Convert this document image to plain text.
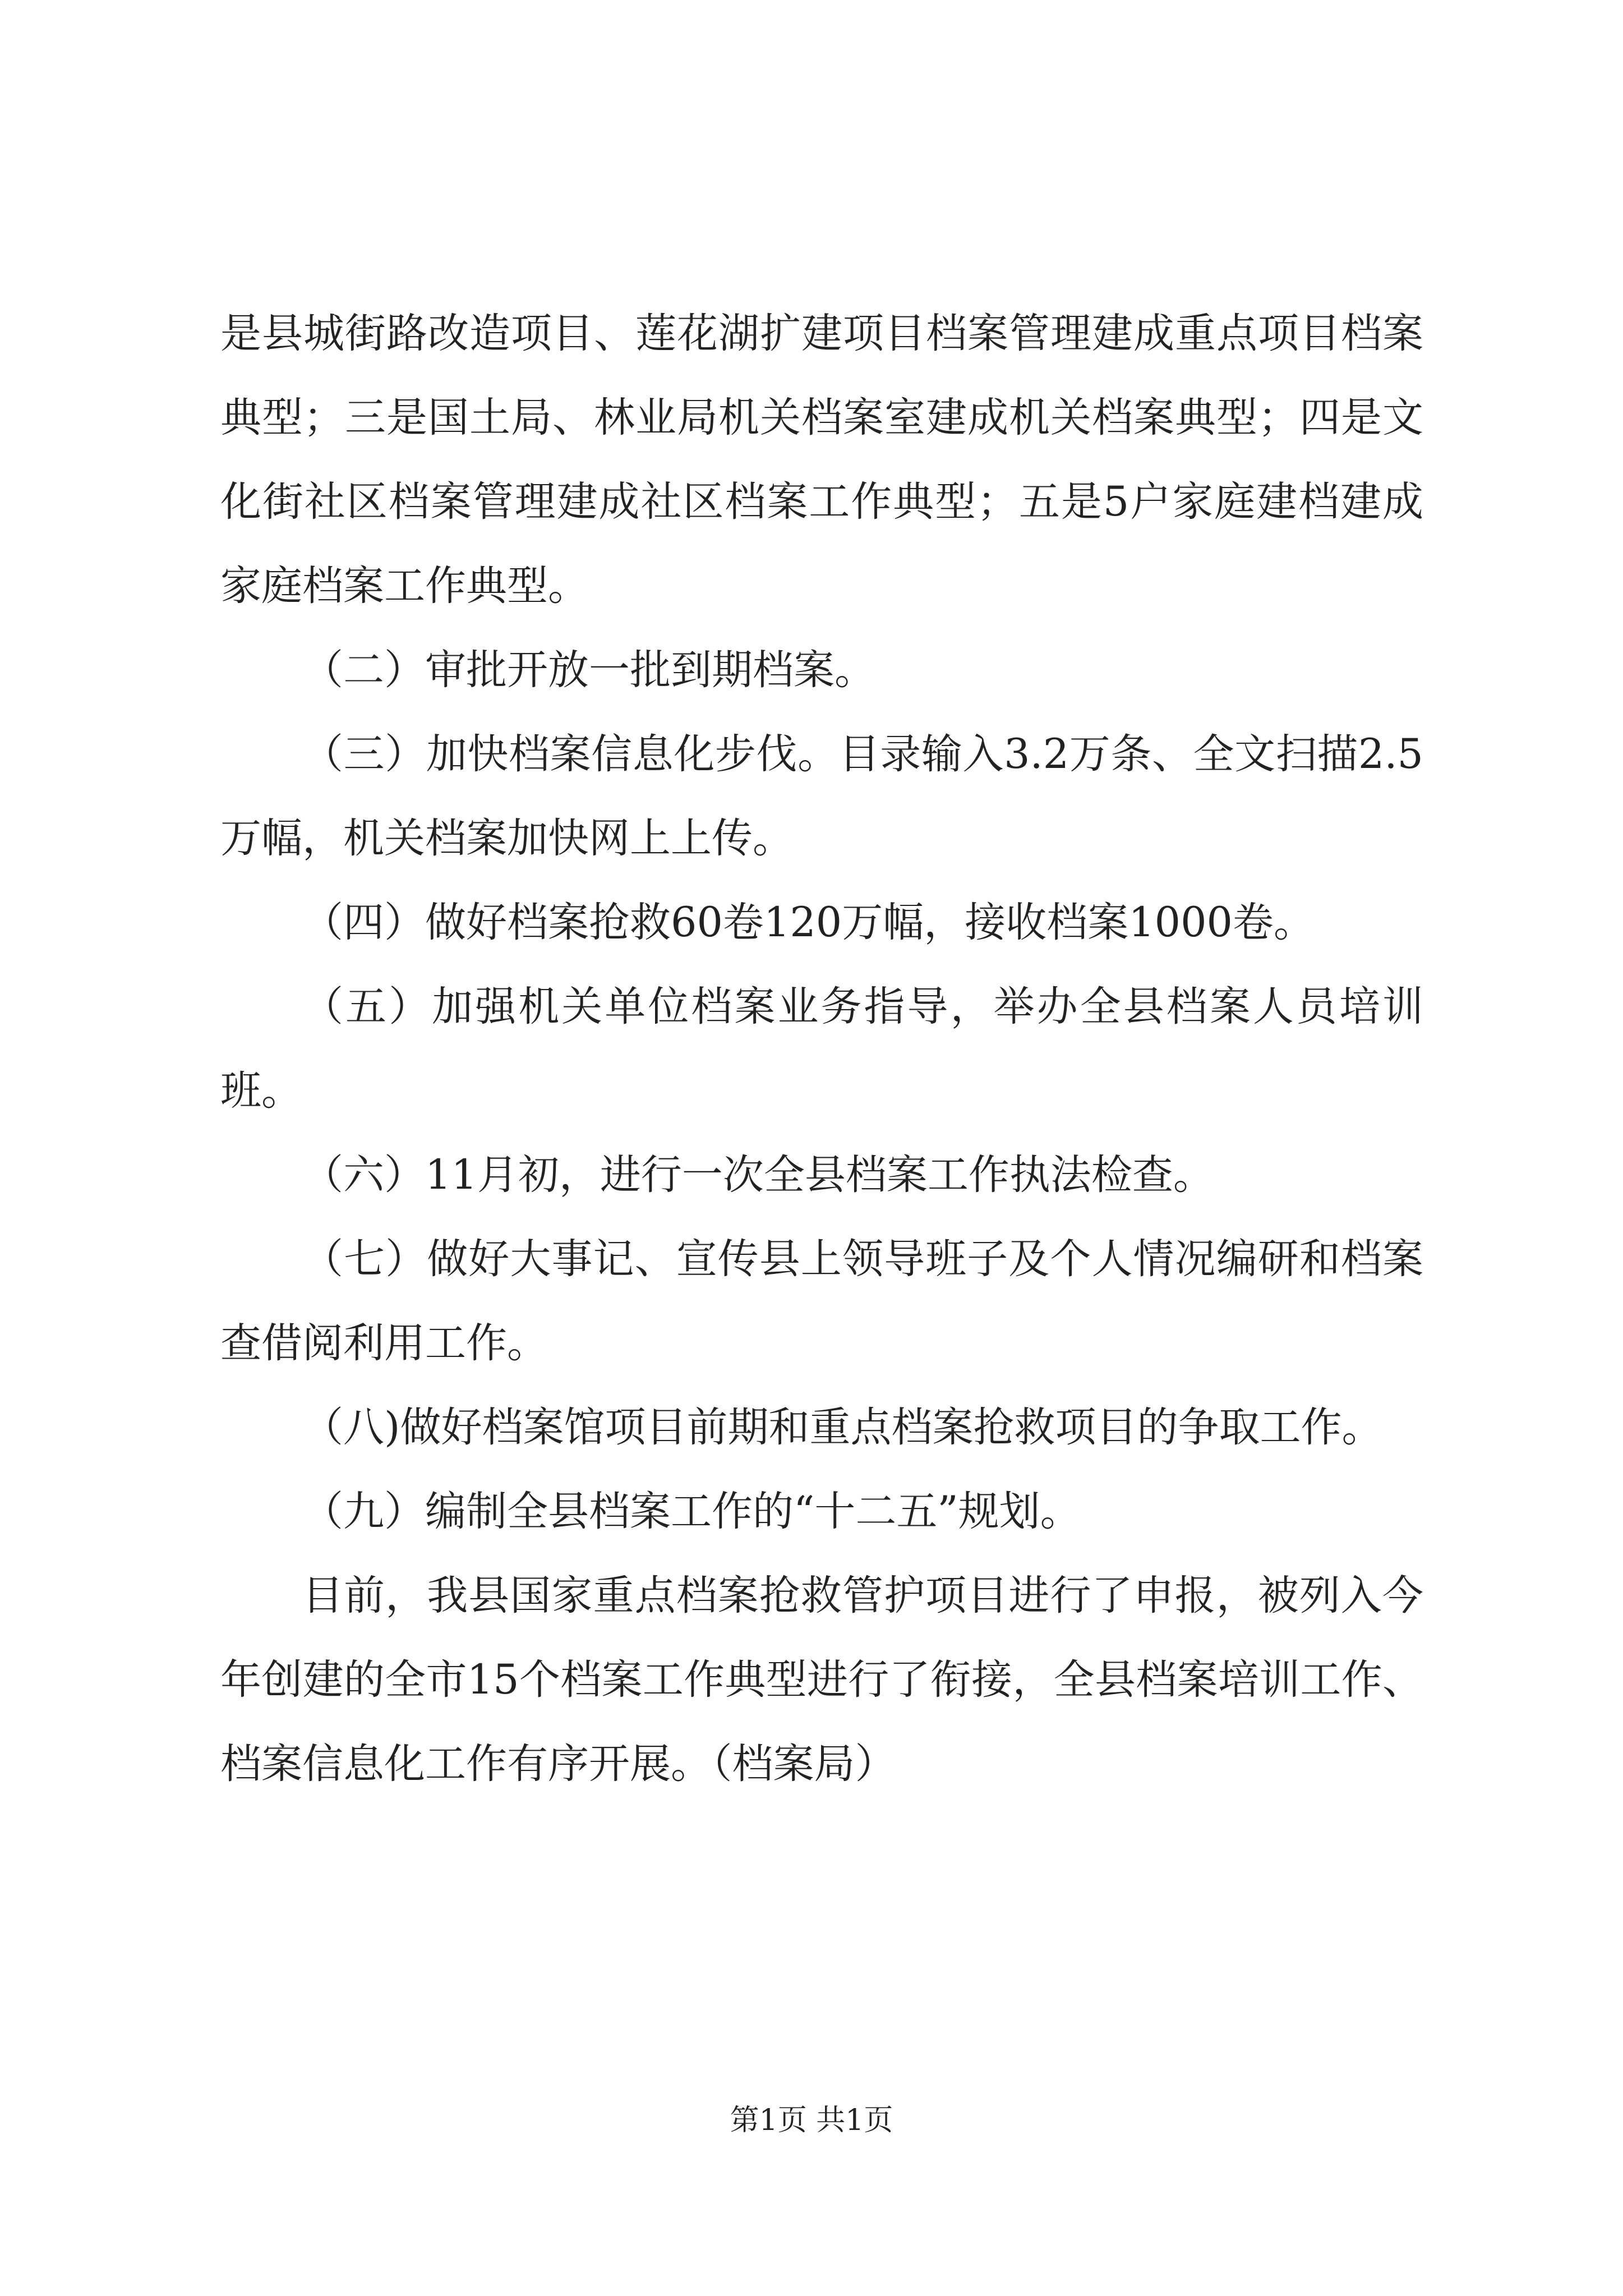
是县城街路改造项目、莲花湖扩建项目档案管理建成重点项目档案典型；三是国土局、林业局机关档案室建成机关档案典型；四是文化街社区档案管理建成社区档案工作典型；五是5户家庭建档建成家庭档案工作典型。

（二）审批开放一批到期档案。

（三）加快档案信息化步伐。目录输入3.2万条、全文扫描2.5万幅，机关档案加快网上上传。

（四）做好档案抢救60卷120万幅，接收档案1000卷。

（五）加强机关单位档案业务指导，举办全县档案人员培训班。

（六）11月初，进行一次全县档案工作执法检查。

（七）做好大事记、宣传县上领导班子及个人情况编研和档案查借阅利用工作。

（八)做好档案馆项目前期和重点档案抢救项目的争取工作。

（九）编制全县档案工作的“十二五”规划。

目前，我县国家重点档案抢救管护项目进行了申报，被列入今年创建的全市15个档案工作典型进行了衔接，全县档案培训工作、档案信息化工作有序开展。（档案局）

第1页 共1页
